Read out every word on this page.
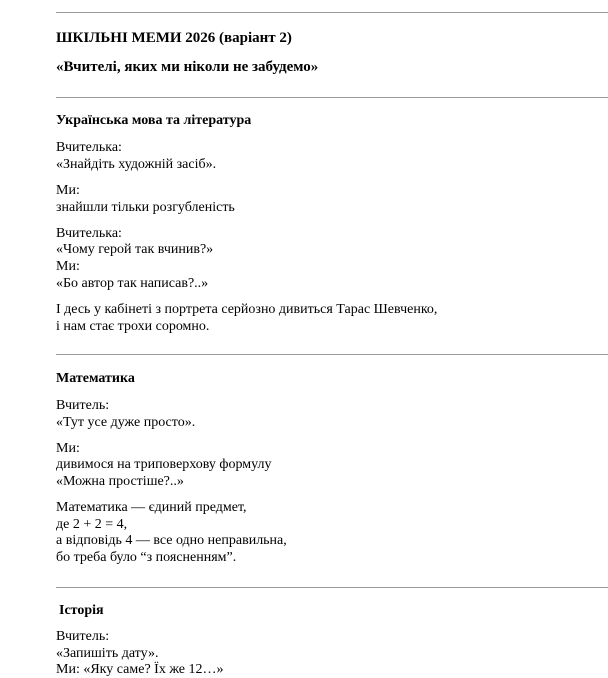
ШКІЛЬНІ МЕМИ 2026 (варіант 2)
«Вчителі, яких ми ніколи не забудемо»
Українська мова та література
Вчителька:
«Знайдіть художній засіб».
Ми:
знайшли тільки розгубленість
Вчителька:
«Чому герой так вчинив?»
Ми:
«Бо автор так написав?..»
І десь у кабінеті з портрета серйозно дивиться Тарас Шевченко,
і нам стає трохи соромно.
Математика
Вчитель:
«Тут усе дуже просто».
Ми:
дивимося на триповерхову формулу
«Можна простіше?..»
Математика — єдиний предмет,
де 2 + 2 = 4,
а відповідь 4 — все одно неправильна,
бо треба було “з поясненням”.
Історія
Вчитель:
«Запишіть дату».
Ми: «Яку саме? Їх же 12…»
